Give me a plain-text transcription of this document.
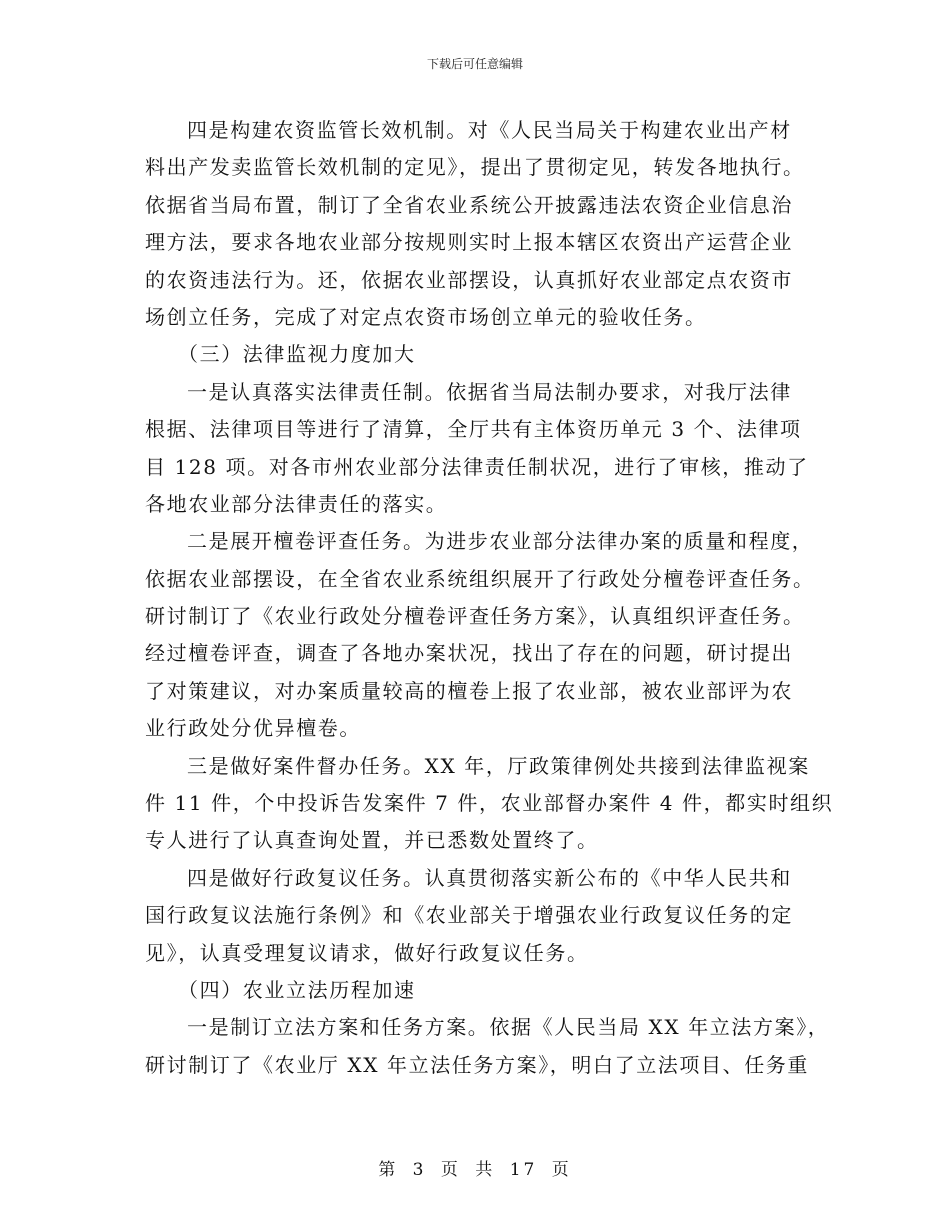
下载后可任意编辑
四是构建农资监管长效机制。对《人民当局关于构建农业出产材
料出产发卖监管长效机制的定见》，提出了贯彻定见，转发各地执行。
依据省当局布置，制订了全省农业系统公开披露违法农资企业信息治
理方法，要求各地农业部分按规则实时上报本辖区农资出产运营企业
的农资违法行为。还，依据农业部摆设，认真抓好农业部定点农资市
场创立任务，完成了对定点农资市场创立单元的验收任务。
（三）法律监视力度加大
一是认真落实法律责任制。依据省当局法制办要求，对我厅法律
根据、法律项目等进行了清算，全厅共有主体资历单元 3 个、法律项
目 128 项。对各市州农业部分法律责任制状况，进行了审核，推动了
各地农业部分法律责任的落实。
二是展开檀卷评查任务。为进步农业部分法律办案的质量和程度，
依据农业部摆设，在全省农业系统组织展开了行政处分檀卷评查任务。
研讨制订了《农业行政处分檀卷评查任务方案》，认真组织评查任务。
经过檀卷评查，调查了各地办案状况，找出了存在的问题，研讨提出
了对策建议，对办案质量较高的檀卷上报了农业部，被农业部评为农
业行政处分优异檀卷。
三是做好案件督办任务。XX 年，厅政策律例处共接到法律监视案
件 11 件，个中投诉告发案件 7 件，农业部督办案件 4 件，都实时组织
专人进行了认真查询处置，并已悉数处置终了。
四是做好行政复议任务。认真贯彻落实新公布的《中华人民共和
国行政复议法施行条例》和《农业部关于增强农业行政复议任务的定
见》，认真受理复议请求，做好行政复议任务。
（四）农业立法历程加速
一是制订立法方案和任务方案。依据《人民当局 XX 年立法方案》，
研讨制订了《农业厅 XX 年立法任务方案》，明白了立法项目、任务重
第 3 页 共 17 页
